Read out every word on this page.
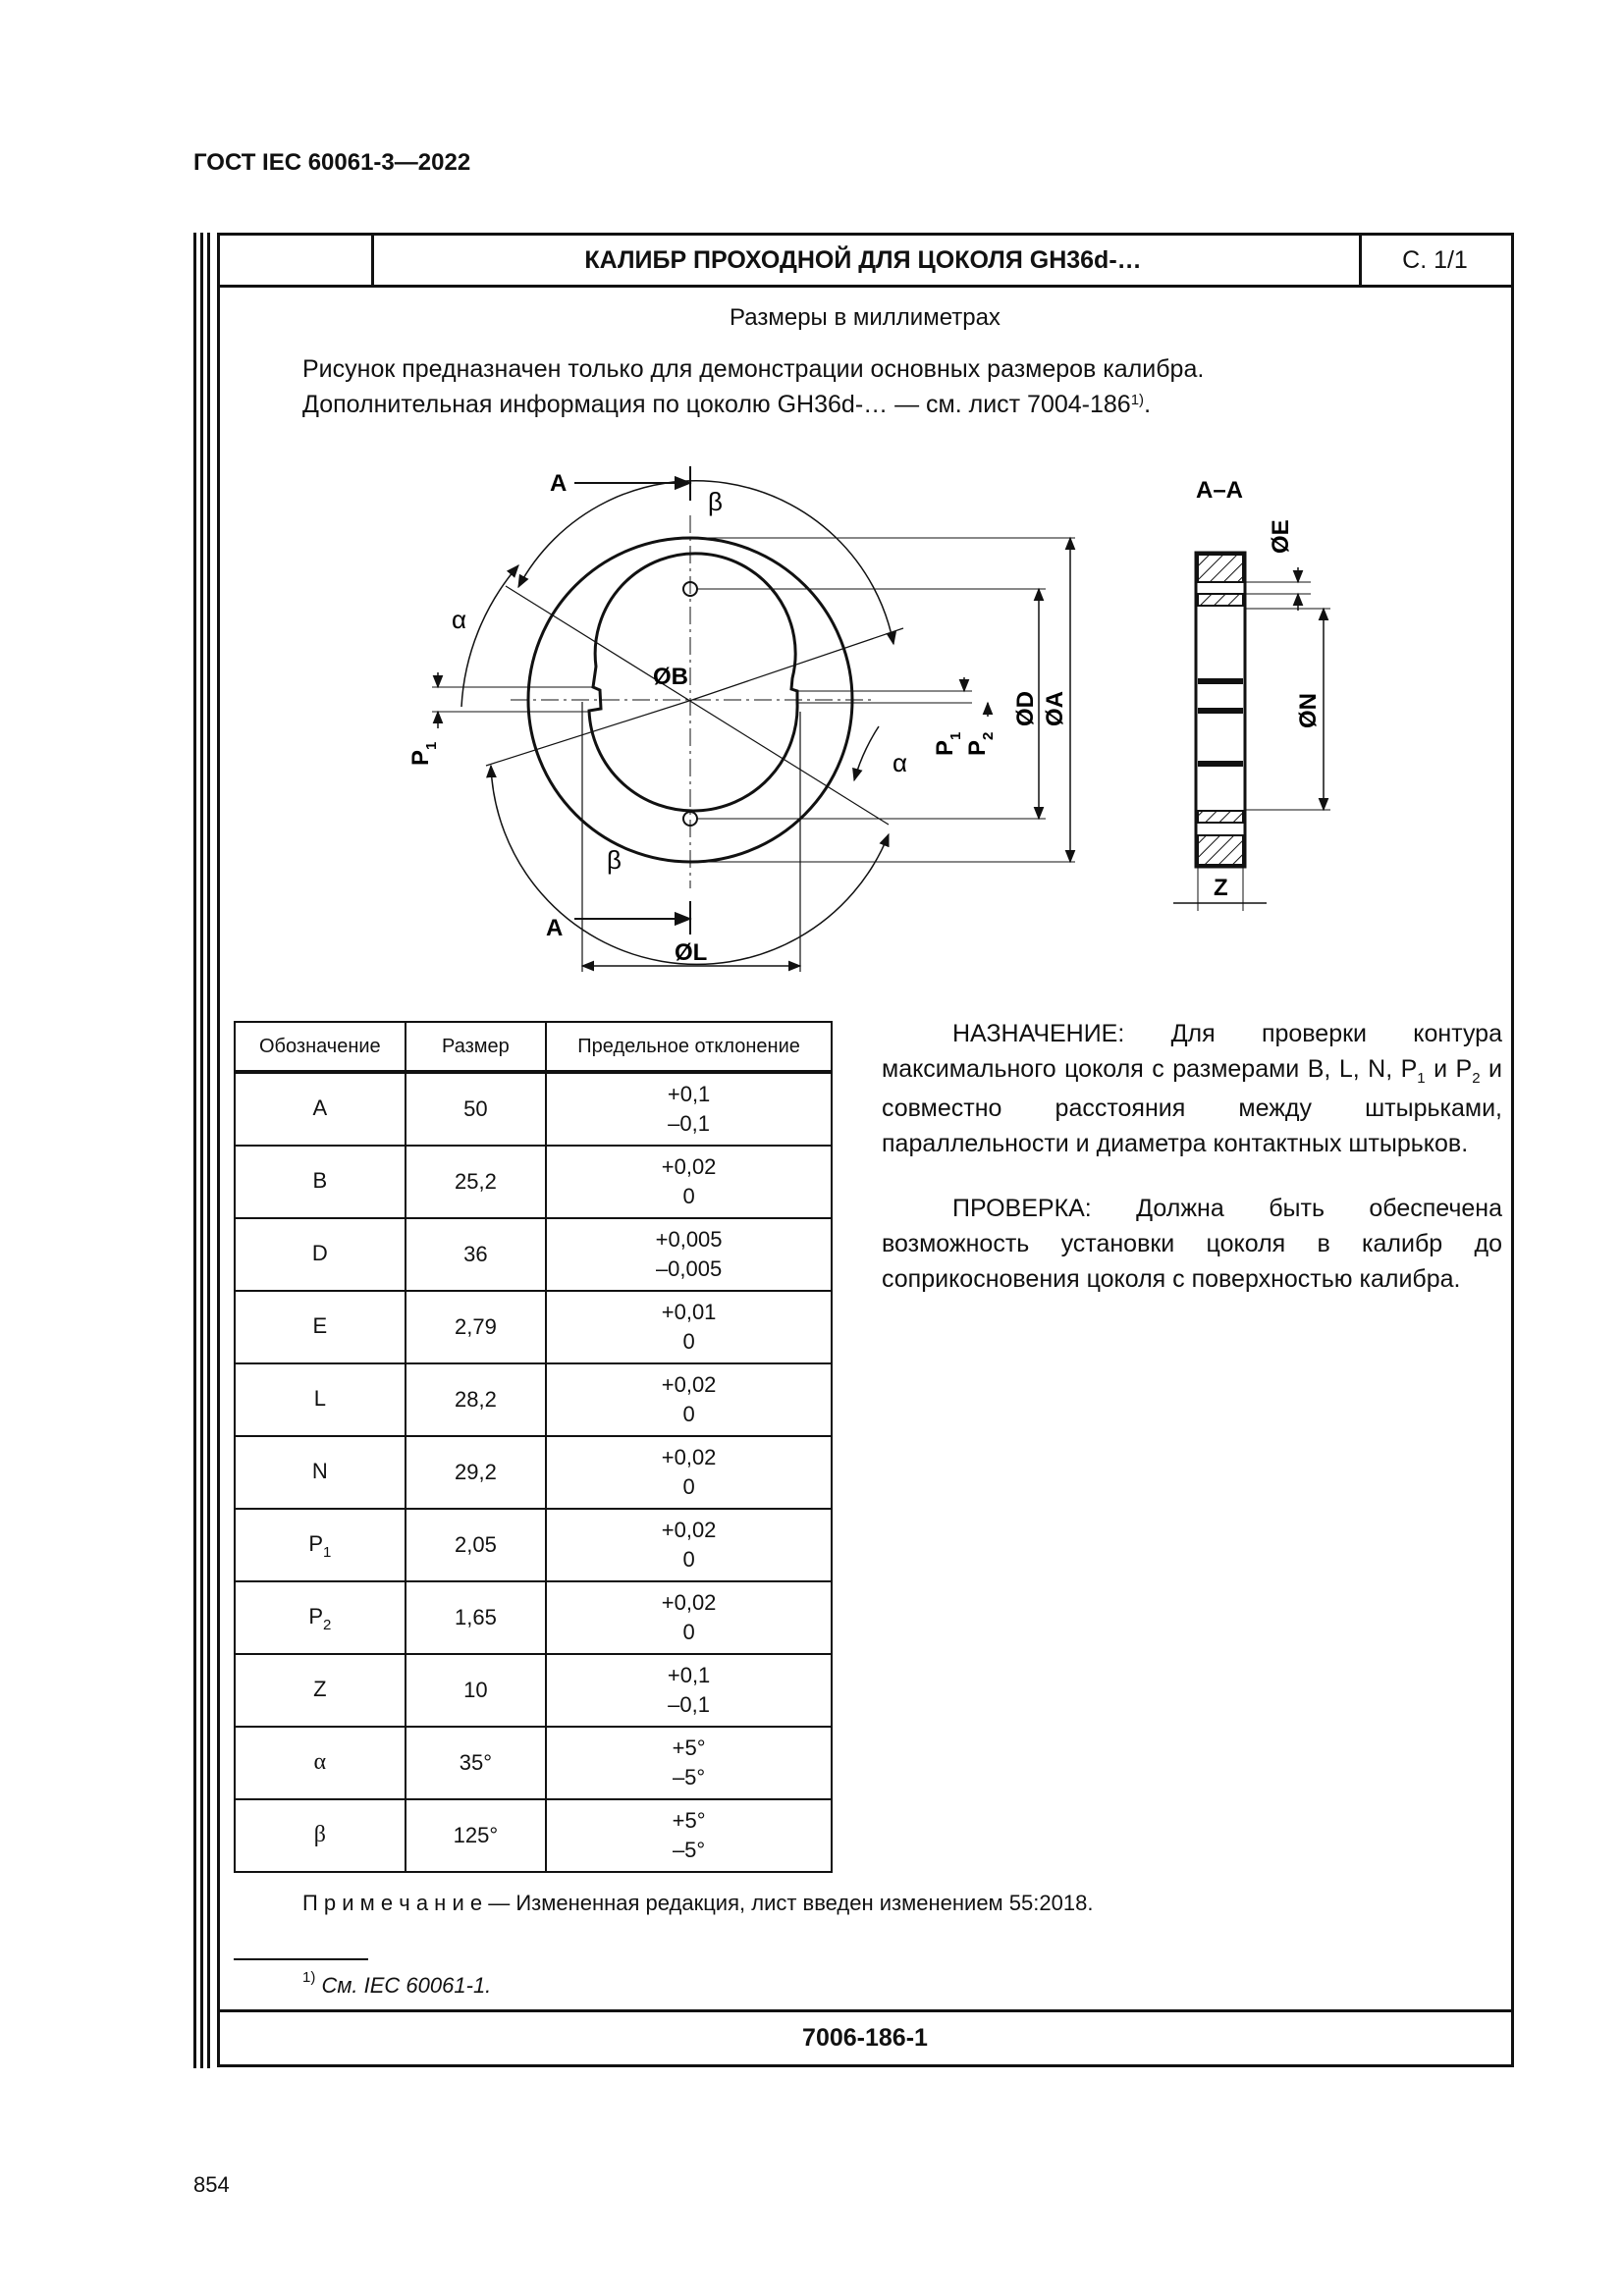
ГОСТ IEC 60061-3—2022
КАЛИБР ПРОХОДНОЙ ДЛЯ ЦОКОЛЯ GH36d-…	С. 1/1
Размеры в миллиметрах
Рисунок предназначен только для демонстрации основных размеров калибра.
Дополнительная информация по цоколю GH36d-… — см. лист 7004-186$^{1)}$.
A
A
A–A
β
β
α
α
ØB
ØL
ØD ØA
ØE
ØN
Z
$P_1$	$P_1$
$P_2$
Обозначение	Размер	Предельное отклонение
A	50	+0,1
–0,1

B	25,2	+0,02
0

D	36	+0,005
–0,005

E	2,79	+0,01
0

L	28,2	+0,02
0

N	29,2	+0,02
0

$P_1$	2,05	+0,02
0

$P_2$	1,65	+0,02
0

Z	10	+0,1
–0,1

α	35°	+5°
–5°

β	125°	+5°
–5°

НАЗНАЧЕНИЕ: Для проверки контура максимального цоколя с размерами B, L, N, $P_1$ и $P_2$ и совместно расстояния между штырьками, параллельности и диаметра контактных штырьков.

ПРОВЕРКА: Должна быть обеспечена возможность установки цоколя в калибр до соприкосновения цоколя с поверхностью калибра.

П р и м е ч а н и е — Измененная редакция, лист введен изменением 55:2018.
$^{1)}$ См. IEC 60061-1.
7006-186-1
854
